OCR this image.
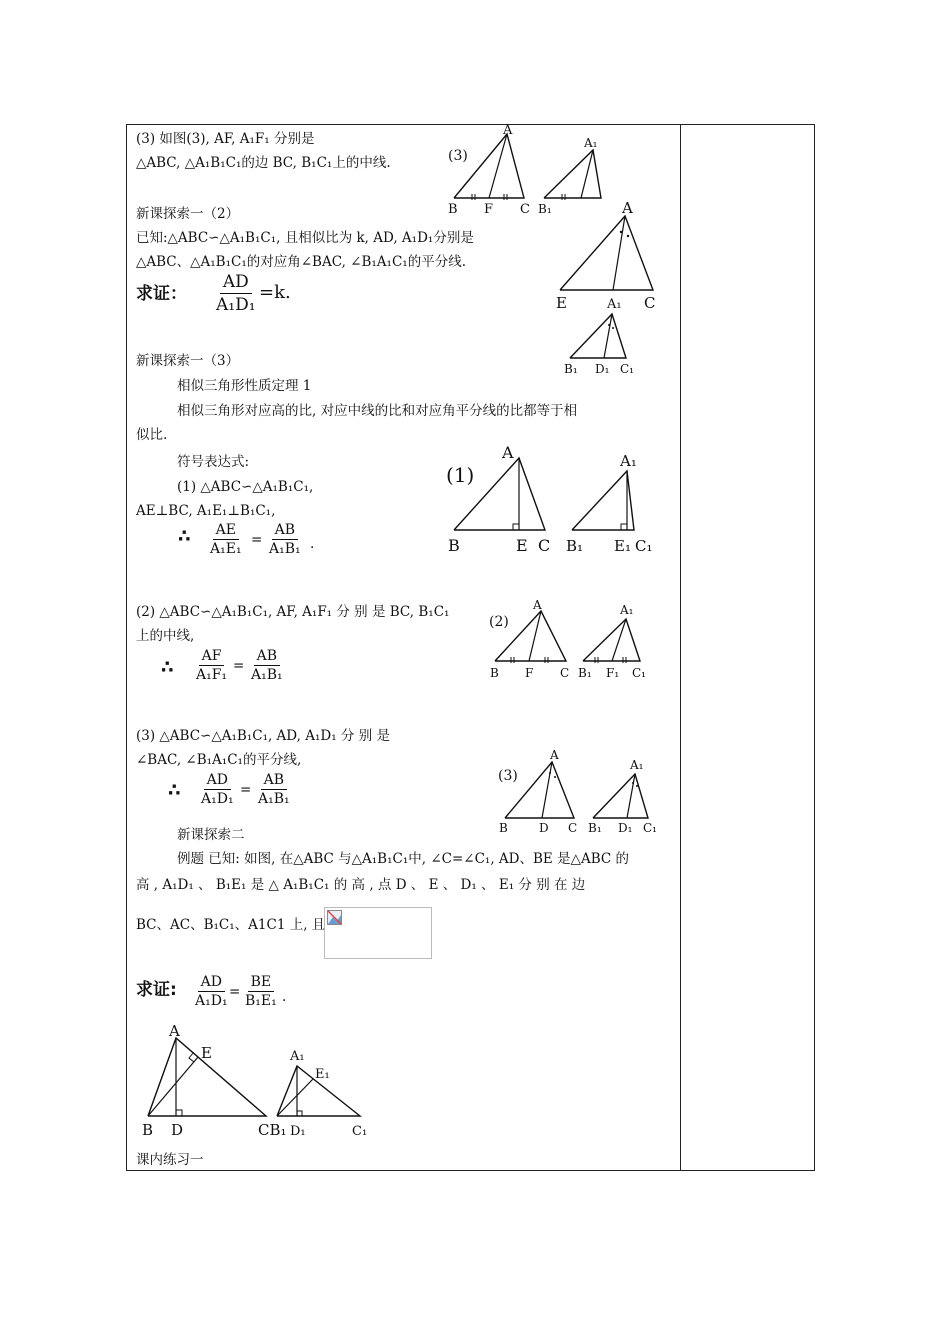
(3) 如图(3), AF, A₁F₁ 分别是
△ABC, △A₁B₁C₁的边 BC, B₁C₁上的中线.	(3)
A
B F C
A₁
B₁
新课探索一（2）
已知:△ABC∽△A₁B₁C₁, 且相似比为 k, AD, A₁D₁分别是
△ABC、△A₁B₁C₁的对应角∠BAC, ∠B₁A₁C₁的平分线.
求证： $\frac{AD}{\text{A₁D₁}} =k$.
A
E	A₁ C
B₁ D₁ C₁
新课探索一（3）
相似三角形性质定理 1
相似三角形对应高的比, 对应中线的比和对应角平分线的比都等于相
似比.
符号表达式:
(1) △ABC∽△A₁B₁C₁,
AE⊥BC, A₁E₁⊥B₁C₁,
∴ $\frac{AE}{\text{A₁E₁}} = \frac{AB}{\text{A₁B₁}}$ .
(1)
A
B	E C
A₁
B₁ E₁ C₁
(2) △ABC∽△A₁B₁C₁, AF, A₁F₁ 分 别 是 BC, B₁C₁
上的中线,
∴ $\frac{AF}{\text{A₁F₁}} = \frac{AB}{\text{A₁B₁}}$
(2)
A
B F C
A₁
B₁ F₁ C₁
(3) △ABC∽△A₁B₁C₁, AD, A₁D₁ 分 别 是
∠BAC, ∠B₁A₁C₁的平分线,
∴ $\frac{AD}{\text{A₁D₁}} = \frac{AB}{\text{A₁B₁}}$	(3)
A
B	D C
A₁
B₁ D₁ C₁
新课探索二
例题 已知: 如图, 在△ABC 与△A₁B₁C₁中, ∠C=∠C₁, AD、BE 是△ABC 的
高 , A₁D₁ 、 B₁E₁ 是 △ A₁B₁C₁ 的 高 , 点 D 、 E 、 D₁ 、 E₁ 分 别 在 边
BC、AC、B₁C₁、A1C1 上, 且
求证: $\frac{AD}{\text{A₁D₁}}$
= $\frac{BE}{\text{B₁E₁}}$ .
A
E
B D	CB₁
A₁
E₁
D₁	C₁
课内练习一
